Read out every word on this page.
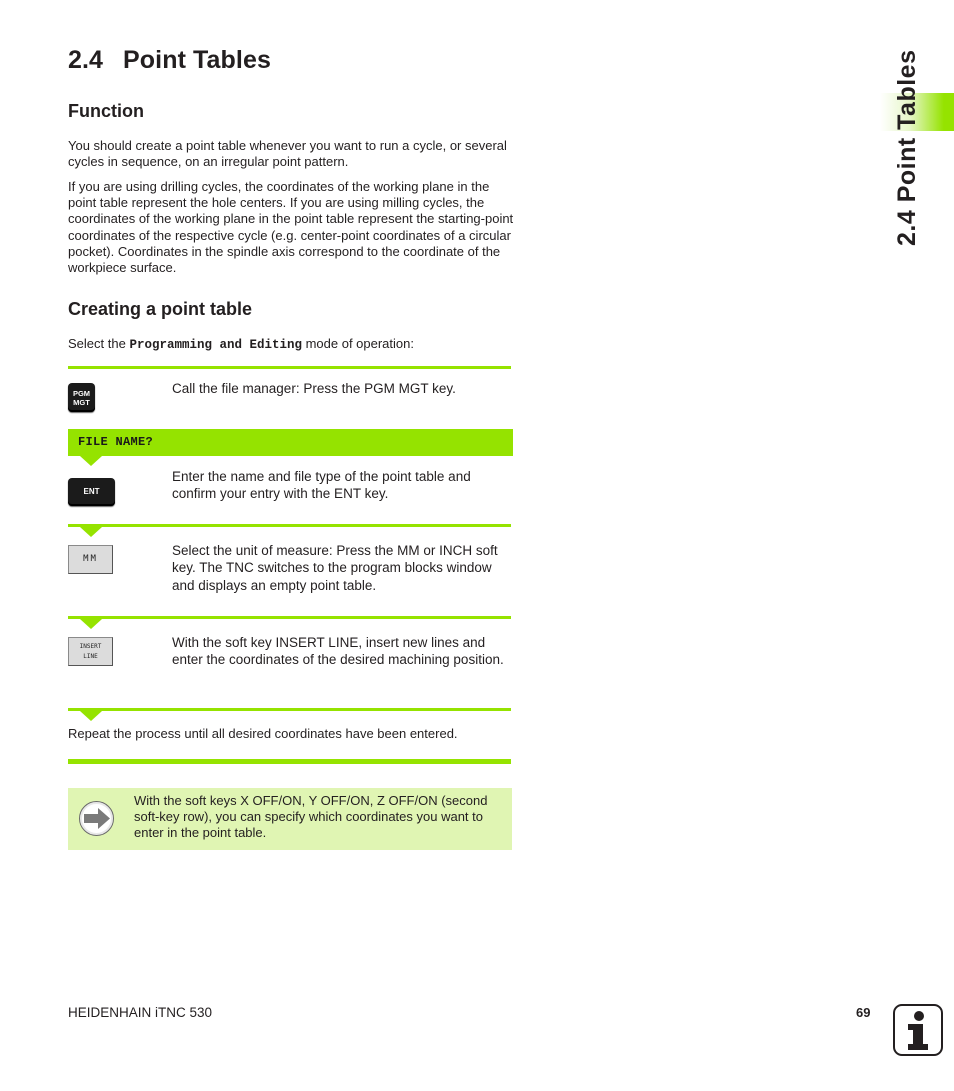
2.4 Point Tables
Function

You should create a point table whenever you want to run a cycle, or several cycles in sequence, on an irregular point pattern.

If you are using drilling cycles, the coordinates of the working plane in the point table represent the hole centers. If you are using milling cycles, the coordinates of the working plane in the point table represent the starting-point coordinates of the respective cycle (e.g. center-point coordinates of a circular pocket). Coordinates in the spindle axis correspond to the coordinate of the workpiece surface.

Creating a point table

Select the Programming and Editing mode of operation:

PGM
MGT
Call the file manager: Press the PGM MGT key.
FILE NAME?
ENT
Enter the name and file type of the point table and confirm your entry with the ENT key.
MM
Select the unit of measure: Press the MM or INCH soft key. The TNC switches to the program blocks window and displays an empty point table.
INSERT
LINE
With the soft key INSERT LINE, insert new lines and enter the coordinates of the desired machining position.

Repeat the process until all desired coordinates have been entered.

With the soft keys X OFF/ON, Y OFF/ON, Z OFF/ON (second soft-key row), you can specify which coordinates you want to enter in the point table.
2.4 Point Tables
HEIDENHAIN iTNC 530	69
